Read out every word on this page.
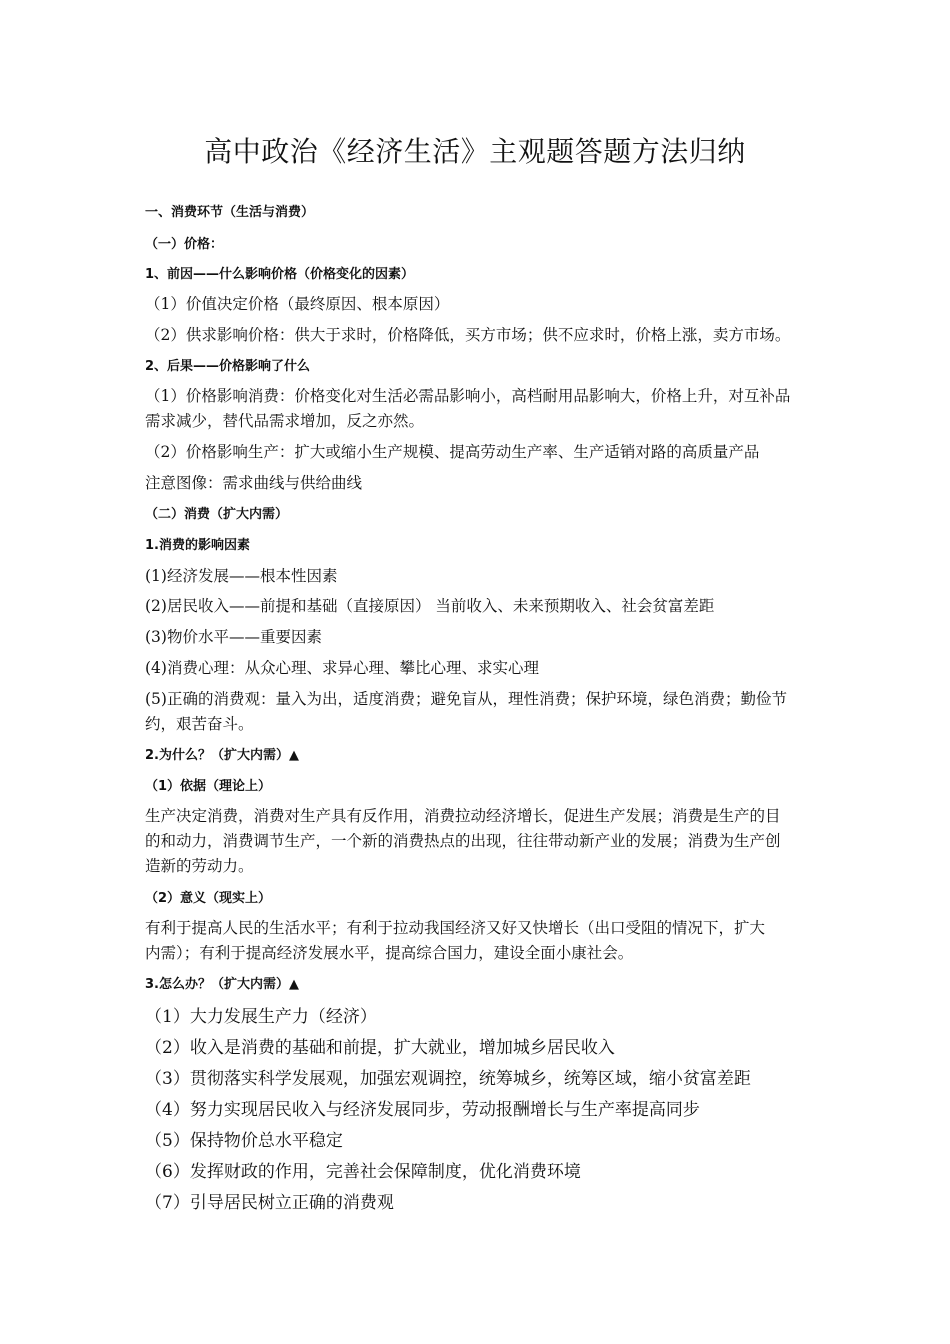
高中政治《经济生活》主观题答题方法归纳
一、消费环节（生活与消费）
（一）价格：
1、前因——什么影响价格（价格变化的因素）
（1）价值决定价格（最终原因、根本原因）
（2）供求影响价格：供大于求时，价格降低，买方市场；供不应求时，价格上涨，卖方市场。
2、后果——价格影响了什么
（1）价格影响消费：价格变化对生活必需品影响小，高档耐用品影响大，价格上升，对互补品
需求减少，替代品需求增加，反之亦然。
（2）价格影响生产：扩大或缩小生产规模、提高劳动生产率、生产适销对路的高质量产品
注意图像：需求曲线与供给曲线
（二）消费（扩大内需）
1.消费的影响因素
(1)经济发展——根本性因素
(2)居民收入——前提和基础（直接原因） 当前收入、未来预期收入、社会贫富差距
(3)物价水平——重要因素
(4)消费心理：从众心理、求异心理、攀比心理、求实心理
(5)正确的消费观：量入为出，适度消费；避免盲从，理性消费；保护环境，绿色消费；勤俭节
约，艰苦奋斗。
2.为什么？（扩大内需）▲
（1）依据（理论上）
生产决定消费，消费对生产具有反作用，消费拉动经济增长，促进生产发展；消费是生产的目
的和动力，消费调节生产，一个新的消费热点的出现，往往带动新产业的发展；消费为生产创
造新的劳动力。
（2）意义（现实上）
有利于提高人民的生活水平；有利于拉动我国经济又好又快增长（出口受阻的情况下，扩大
内需）；有利于提高经济发展水平，提高综合国力，建设全面小康社会。
3.怎么办？（扩大内需）▲
（1）大力发展生产力（经济）
（2）收入是消费的基础和前提，扩大就业，增加城乡居民收入
（3）贯彻落实科学发展观，加强宏观调控，统筹城乡，统筹区域，缩小贫富差距
（4）努力实现居民收入与经济发展同步，劳动报酬增长与生产率提高同步
（5）保持物价总水平稳定
（6）发挥财政的作用，完善社会保障制度，优化消费环境
（7）引导居民树立正确的消费观
